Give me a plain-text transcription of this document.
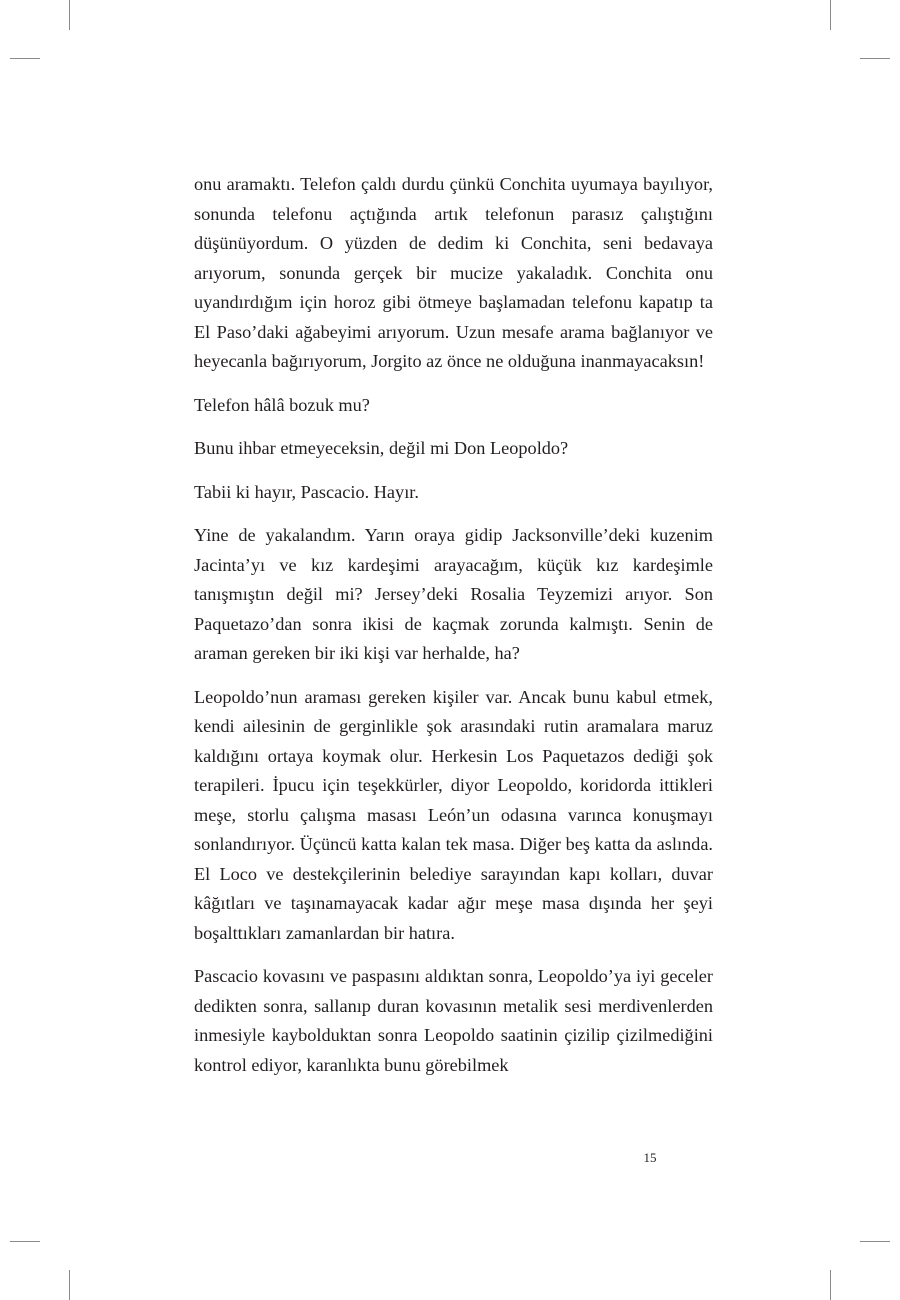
onu aramaktı. Telefon çaldı durdu çünkü Conchita uyumaya bayılıyor, sonunda telefonu açtığında artık telefonun parasız çalıştığını düşünüyordum. O yüzden de dedim ki Conchita, seni bedavaya arıyorum, sonunda gerçek bir mucize yakaladık. Conchita onu uyandırdığım için horoz gibi ötmeye başlamadan telefonu kapatıp ta El Paso’daki ağabeyimi arıyorum. Uzun mesafe arama bağlanıyor ve heyecanla bağırıyorum, Jorgito az önce ne olduğuna inanmayacaksın!

Telefon hâlâ bozuk mu?

Bunu ihbar etmeyeceksin, değil mi Don Leopoldo?

Tabii ki hayır, Pascacio. Hayır.

Yine de yakalandım. Yarın oraya gidip Jacksonville’deki kuzenim Jacinta’yı ve kız kardeşimi arayacağım, küçük kız kardeşimle tanışmıştın değil mi? Jersey’deki Rosalia Teyzemizi arıyor. Son Paquetazo’dan sonra ikisi de kaçmak zorunda kalmıştı. Senin de araman gereken bir iki kişi var herhalde, ha?

Leopoldo’nun araması gereken kişiler var. Ancak bunu kabul etmek, kendi ailesinin de gerginlikle şok arasındaki rutin aramalara maruz kaldığını ortaya koymak olur. Herkesin Los Paquetazos dediği şok terapileri. İpucu için teşekkürler, diyor Leopoldo, koridorda ittikleri meşe, storlu çalışma masası León’un odasına varınca konuşmayı sonlandırıyor. Üçüncü katta kalan tek masa. Diğer beş katta da aslında. El Loco ve destekçilerinin belediye sarayından kapı kolları, duvar kâğıtları ve taşınamayacak kadar ağır meşe masa dışında her şeyi boşalttıkları zamanlardan bir hatıra.

Pascacio kovasını ve paspasını aldıktan sonra, Leopoldo’ya iyi geceler dedikten sonra, sallanıp duran kovasının metalik sesi merdivenlerden inmesiyle kaybolduktan sonra Leopoldo saatinin çizilip çizilmediğini kontrol ediyor, karanlıkta bunu görebilmek

15
